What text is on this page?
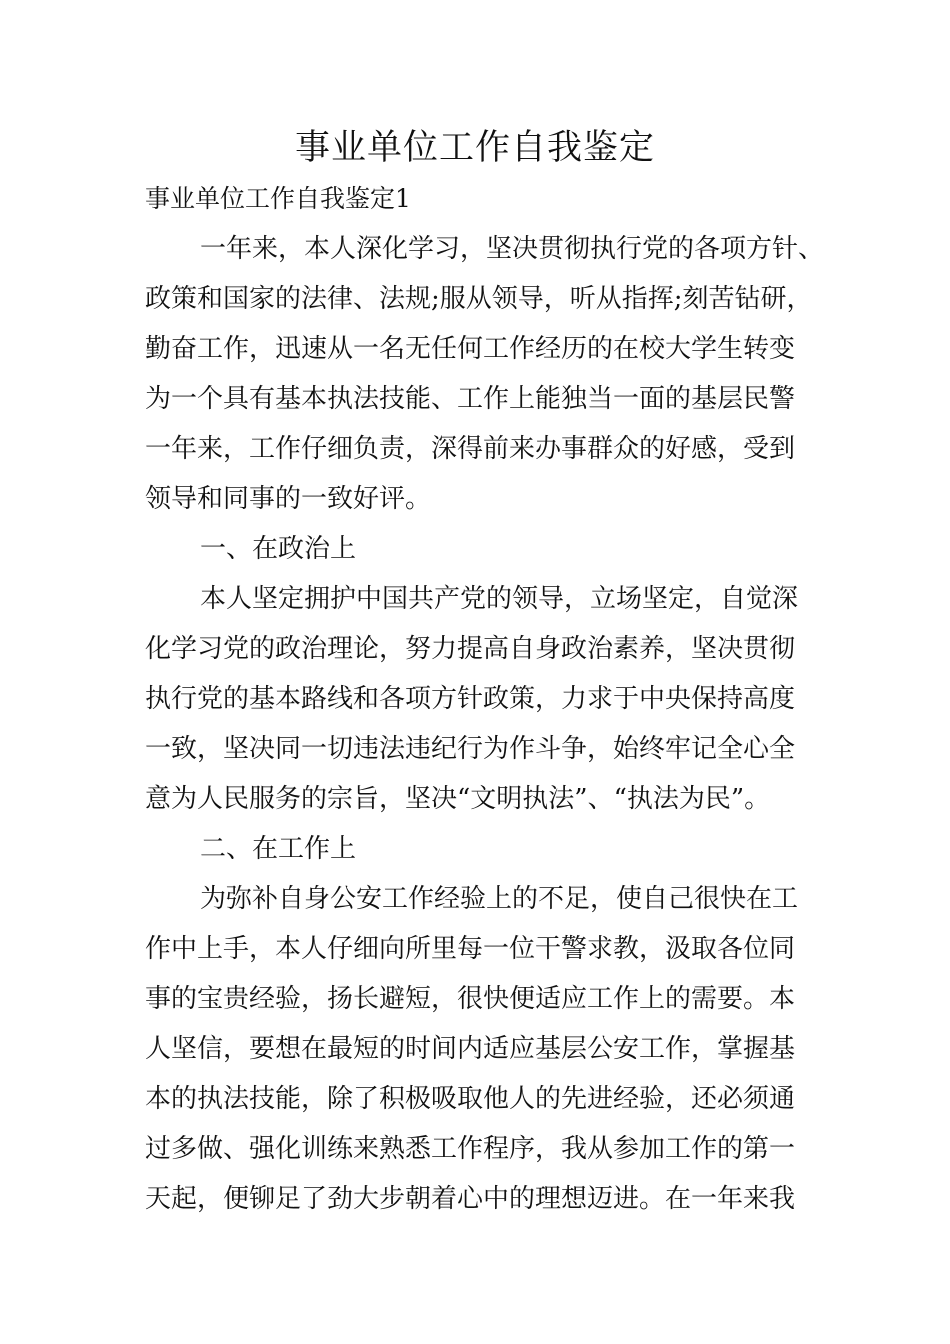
事业单位工作自我鉴定

事业单位工作自我鉴定1

一年来，本人深化学习，坚决贯彻执行党的各项方针、
政策和国家的法律、法规;服从领导，听从指挥;刻苦钻研，
勤奋工作，迅速从一名无任何工作经历的在校大学生转变
为一个具有基本执法技能、工作上能独当一面的基层民警
一年来，工作仔细负责，深得前来办事群众的好感，受到
领导和同事的一致好评。
一、在政治上
本人坚定拥护中国共产党的领导，立场坚定，自觉深
化学习党的政治理论，努力提高自身政治素养，坚决贯彻
执行党的基本路线和各项方针政策，力求于中央保持高度
一致，坚决同一切违法违纪行为作斗争，始终牢记全心全
意为人民服务的宗旨，坚决“文明执法”、“执法为民”。
二、在工作上
为弥补自身公安工作经验上的不足，使自己很快在工
作中上手，本人仔细向所里每一位干警求教，汲取各位同
事的宝贵经验，扬长避短，很快便适应工作上的需要。本
人坚信，要想在最短的时间内适应基层公安工作，掌握基
本的执法技能，除了积极吸取他人的先进经验，还必须通
过多做、强化训练来熟悉工作程序，我从参加工作的第一
天起，便铆足了劲大步朝着心中的理想迈进。在一年来我
